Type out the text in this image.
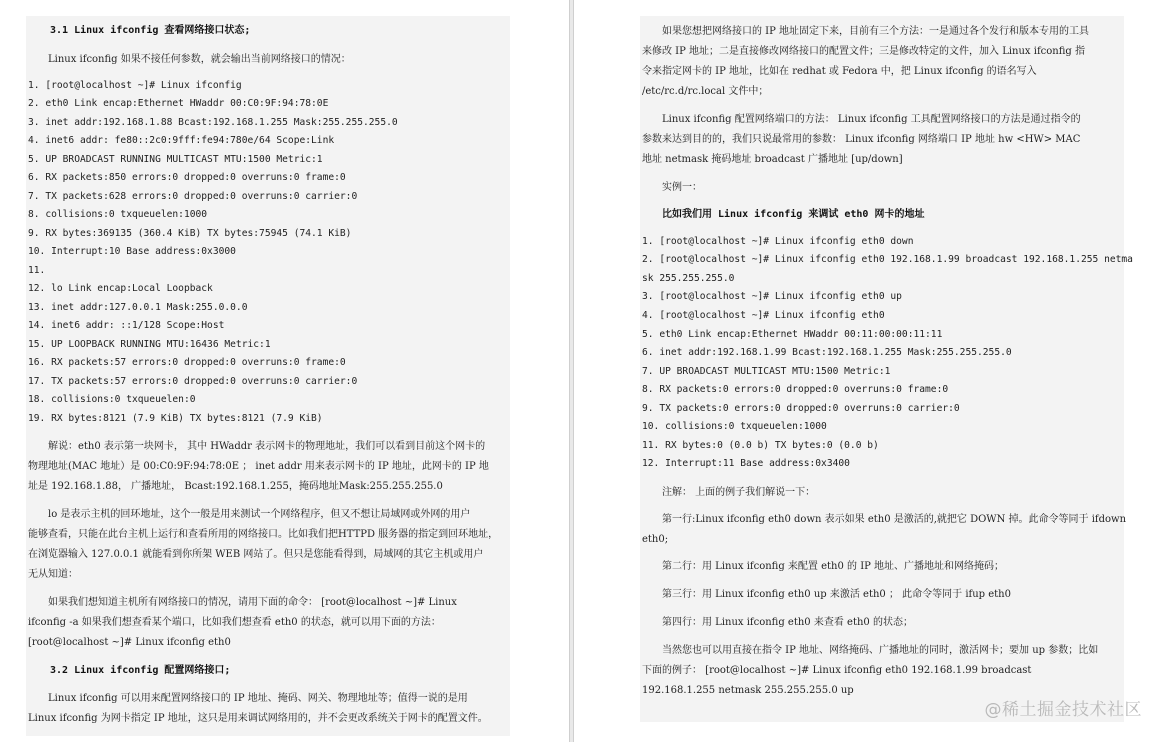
3.1 Linux ifconfig 查看网络接口状态;
Linux ifconfig 如果不接任何参数，就会输出当前网络接口的情况：
1. [root@localhost ~]# Linux ifconfig
2. eth0 Link encap:Ethernet HWaddr 00:C0:9F:94:78:0E
3. inet addr:192.168.1.88 Bcast:192.168.1.255 Mask:255.255.255.0
4. inet6 addr: fe80::2c0:9fff:fe94:780e/64 Scope:Link
5. UP BROADCAST RUNNING MULTICAST MTU:1500 Metric:1
6. RX packets:850 errors:0 dropped:0 overruns:0 frame:0
7. TX packets:628 errors:0 dropped:0 overruns:0 carrier:0
8. collisions:0 txqueuelen:1000
9. RX bytes:369135 (360.4 KiB) TX bytes:75945 (74.1 KiB)
10. Interrupt:10 Base address:0x3000
11.
12. lo Link encap:Local Loopback
13. inet addr:127.0.0.1 Mask:255.0.0.0
14. inet6 addr: ::1/128 Scope:Host
15. UP LOOPBACK RUNNING MTU:16436 Metric:1
16. RX packets:57 errors:0 dropped:0 overruns:0 frame:0
17. TX packets:57 errors:0 dropped:0 overruns:0 carrier:0
18. collisions:0 txqueuelen:0
19. RX bytes:8121 (7.9 KiB) TX bytes:8121 (7.9 KiB)
解说：eth0 表示第一块网卡， 其中 HWaddr 表示网卡的物理地址，我们可以看到目前这个网卡的
物理地址(MAC 地址）是 00:C0:9F:94:78:0E ； inet addr 用来表示网卡的 IP 地址，此网卡的 IP 地
址是 192.168.1.88， 广播地址， Bcast:192.168.1.255，掩码地址Mask:255.255.255.0
lo 是表示主机的回环地址，这个一般是用来测试一个网络程序，但又不想让局域网或外网的用户
能够查看，只能在此台主机上运行和查看所用的网络接口。比如我们把HTTPD 服务器的指定到回环地址，
在浏览器输入 127.0.0.1 就能看到你所架 WEB 网站了。但只是您能看得到，局域网的其它主机或用户
无从知道：
如果我们想知道主机所有网络接口的情况，请用下面的命令： [root@localhost ~]# Linux
ifconfig -a 如果我们想查看某个端口，比如我们想查看 eth0 的状态，就可以用下面的方法：
[root@localhost ~]# Linux ifconfig eth0
3.2 Linux ifconfig 配置网络接口;
Linux ifconfig 可以用来配置网络接口的 IP 地址、掩码、网关、物理地址等；值得一说的是用
Linux ifconfig 为网卡指定 IP 地址，这只是用来调试网络用的，并不会更改系统关于网卡的配置文件。
如果您想把网络接口的 IP 地址固定下来，目前有三个方法：一是通过各个发行和版本专用的工具
来修改 IP 地址；二是直接修改网络接口的配置文件；三是修改特定的文件，加入 Linux ifconfig 指
令来指定网卡的 IP 地址，比如在 redhat 或 Fedora 中，把 Linux ifconfig 的语名写入
/etc/rc.d/rc.local 文件中；
Linux ifconfig 配置网络端口的方法： Linux ifconfig 工具配置网络接口的方法是通过指令的
参数来达到目的的，我们只说最常用的参数： Linux ifconfig 网络端口 IP 地址 hw <HW> MAC
地址 netmask 掩码地址 broadcast 广播地址 [up/down]
实例一：
比如我们用 Linux ifconfig 来调试 eth0 网卡的地址
1. [root@localhost ~]# Linux ifconfig eth0 down
2. [root@localhost ~]# Linux ifconfig eth0 192.168.1.99 broadcast 192.168.1.255 netma
sk 255.255.255.0
3. [root@localhost ~]# Linux ifconfig eth0 up
4. [root@localhost ~]# Linux ifconfig eth0
5. eth0 Link encap:Ethernet HWaddr 00:11:00:00:11:11
6. inet addr:192.168.1.99 Bcast:192.168.1.255 Mask:255.255.255.0
7. UP BROADCAST MULTICAST MTU:1500 Metric:1
8. RX packets:0 errors:0 dropped:0 overruns:0 frame:0
9. TX packets:0 errors:0 dropped:0 overruns:0 carrier:0
10. collisions:0 txqueuelen:1000
11. RX bytes:0 (0.0 b) TX bytes:0 (0.0 b)
12. Interrupt:11 Base address:0x3400
注解： 上面的例子我们解说一下：
第一行:Linux ifconfig eth0 down 表示如果 eth0 是激活的,就把它 DOWN 掉。此命令等同于 ifdown
eth0;
第二行：用 Linux ifconfig 来配置 eth0 的 IP 地址、广播地址和网络掩码；
第三行：用 Linux ifconfig eth0 up 来激活 eth0 ； 此命令等同于 ifup eth0
第四行：用 Linux ifconfig eth0 来查看 eth0 的状态；
当然您也可以用直接在指令 IP 地址、网络掩码、广播地址的同时，激活网卡；要加 up 参数；比如
下面的例子： [root@localhost ~]# Linux ifconfig eth0 192.168.1.99 broadcast
192.168.1.255 netmask 255.255.255.0 up
@稀土掘金技术社区
